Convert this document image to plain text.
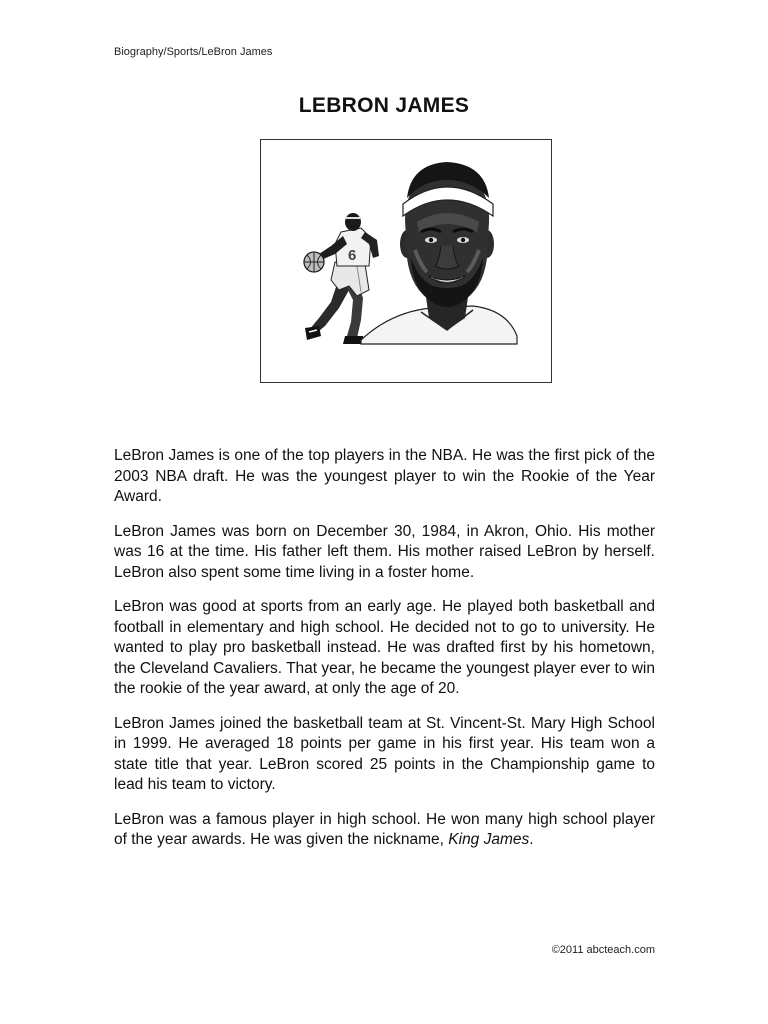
Biography/Sports/LeBron James
LEBRON JAMES
6

LeBron James is one of the top players in the NBA. He was the first pick of the 2003 NBA draft. He was the youngest player to win the Rookie of the Year Award.

LeBron James was born on December 30, 1984, in Akron, Ohio. His mother was 16 at the time. His father left them. His mother raised LeBron by herself. LeBron also spent some time living in a foster home.

LeBron was good at sports from an early age. He played both basketball and football in elementary and high school. He decided not to go to university. He wanted to play pro basketball instead. He was drafted first by his hometown, the Cleveland Cavaliers. That year, he became the youngest player ever to win the rookie of the year award, at only the age of 20.

LeBron James joined the basketball team at St. Vincent-St. Mary High School in 1999. He averaged 18 points per game in his first year. His team won a state title that year. LeBron scored 25 points in the Championship game to lead his team to victory.

LeBron was a famous player in high school. He won many high school player of the year awards. He was given the nickname, King James.

©2011 abcteach.com
